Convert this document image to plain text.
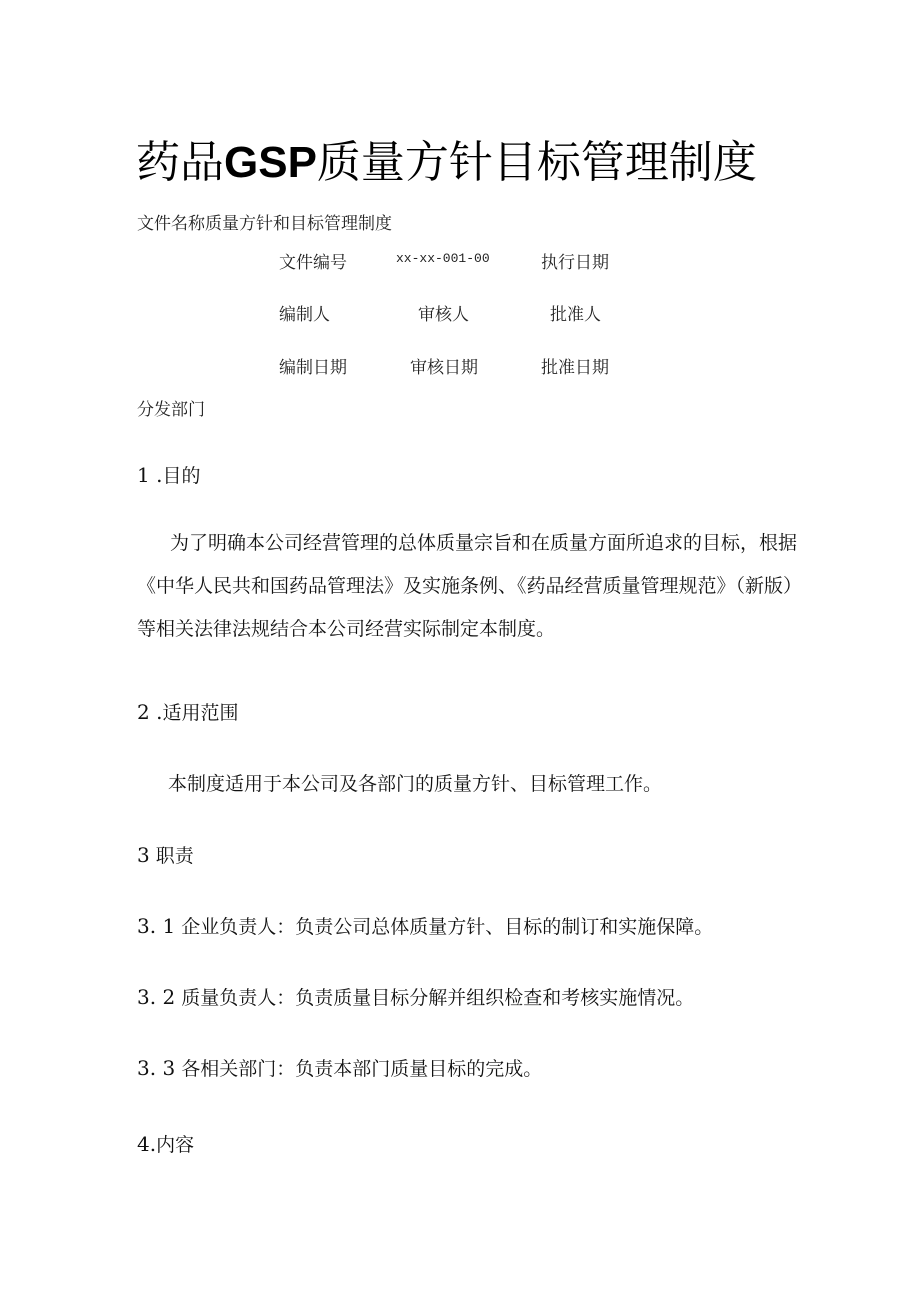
药品GSP质量方针目标管理制度
文件名称质量方针和目标管理制度
文件编号	xx-xx-001-00	执行日期
编制人	审核人	批准人
编制日期	审核日期	批准日期
分发部门
1 .目的
为了明确本公司经营管理的总体质量宗旨和在质量方面所追求的目标，根据《中华人民共和国药品管理法》及实施条例、《药品经营质量管理规范》（新版）等相关法律法规结合本公司经营实际制定本制度。
2 .适用范围
本制度适用于本公司及各部门的质量方针、目标管理工作。
3 职责
3. 1 企业负责人：负责公司总体质量方针、目标的制订和实施保障。
3. 2 质量负责人：负责质量目标分解并组织检查和考核实施情况。
3. 3 各相关部门：负责本部门质量目标的完成。
4.内容
